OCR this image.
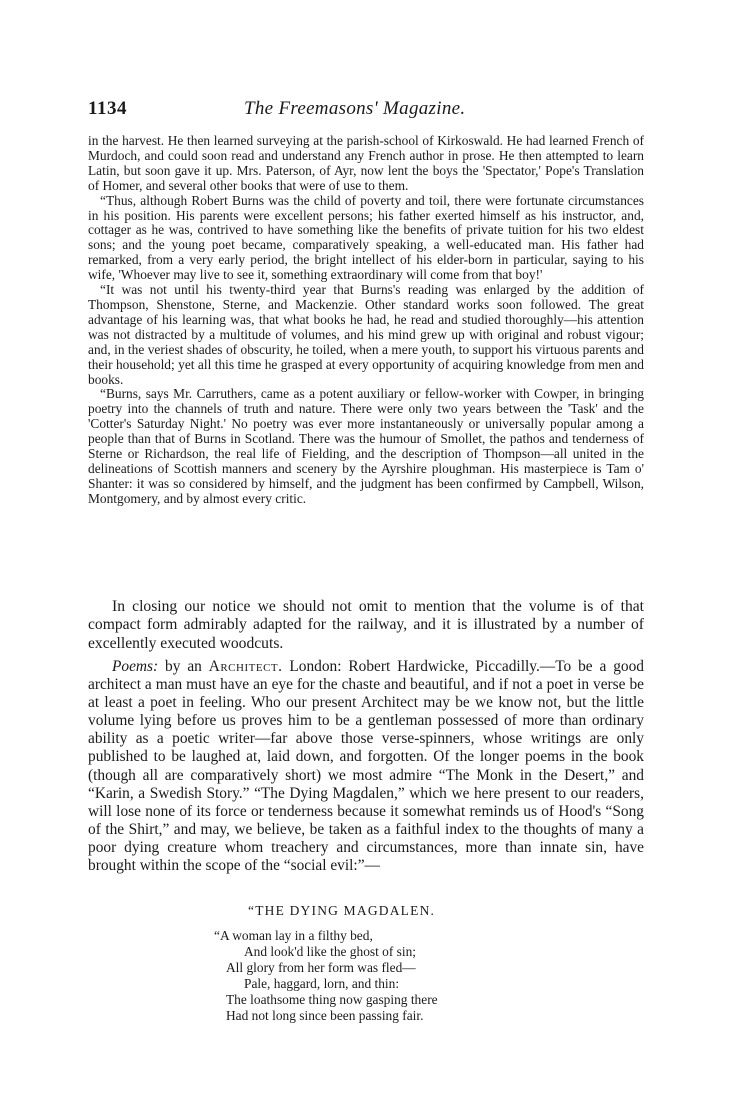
1134	The Freemasons' Magazine.

in the harvest. He then learned surveying at the parish-school of Kirkoswald. He had learned French of Murdoch, and could soon read and understand any French author in prose. He then attempted to learn Latin, but soon gave it up. Mrs. Paterson, of Ayr, now lent the boys the 'Spectator,' Pope's Translation of Homer, and several other books that were of use to them.

“Thus, although Robert Burns was the child of poverty and toil, there were fortunate circumstances in his position. His parents were excellent persons; his father exerted himself as his instructor, and, cottager as he was, contrived to have something like the benefits of private tuition for his two eldest sons; and the young poet became, comparatively speaking, a well-educated man. His father had remarked, from a very early period, the bright intellect of his elder-born in particular, saying to his wife, 'Whoever may live to see it, something extraordinary will come from that boy!'

“It was not until his twenty-third year that Burns's reading was enlarged by the addition of Thompson, Shenstone, Sterne, and Mackenzie. Other standard works soon followed. The great advantage of his learning was, that what books he had, he read and studied thoroughly—his attention was not distracted by a multitude of volumes, and his mind grew up with original and robust vigour; and, in the veriest shades of obscurity, he toiled, when a mere youth, to support his virtuous parents and their household; yet all this time he grasped at every opportunity of acquiring knowledge from men and books.

“Burns, says Mr. Carruthers, came as a potent auxiliary or fellow-worker with Cowper, in bringing poetry into the channels of truth and nature. There were only two years between the 'Task' and the 'Cotter's Saturday Night.' No poetry was ever more instantaneously or universally popular among a people than that of Burns in Scotland. There was the humour of Smollet, the pathos and tenderness of Sterne or Richardson, the real life of Fielding, and the description of Thompson—all united in the delineations of Scottish manners and scenery by the Ayrshire ploughman. His masterpiece is Tam o' Shanter: it was so considered by himself, and the judgment has been confirmed by Campbell, Wilson, Montgomery, and by almost every critic.

In closing our notice we should not omit to mention that the volume is of that compact form admirably adapted for the railway, and it is illustrated by a number of excellently executed woodcuts.

Poems: by an Architect. London: Robert Hardwicke, Piccadilly.—To be a good architect a man must have an eye for the chaste and beautiful, and if not a poet in verse be at least a poet in feeling. Who our present Architect may be we know not, but the little volume lying before us proves him to be a gentleman possessed of more than ordinary ability as a poetic writer—far above those verse-spinners, whose writings are only published to be laughed at, laid down, and forgotten. Of the longer poems in the book (though all are comparatively short) we most admire “The Monk in the Desert,” and “Karin, a Swedish Story.” “The Dying Magdalen,” which we here present to our readers, will lose none of its force or tenderness because it somewhat reminds us of Hood's “Song of the Shirt,” and may, we believe, be taken as a faithful index to the thoughts of many a poor dying creature whom treachery and circumstances, more than innate sin, have brought within the scope of the “social evil:”—

“THE DYING MAGDALEN.
“A woman lay in a filthy bed,
And look'd like the ghost of sin;
All glory from her form was fled—
Pale, haggard, lorn, and thin:
The loathsome thing now gasping there
Had not long since been passing fair.
